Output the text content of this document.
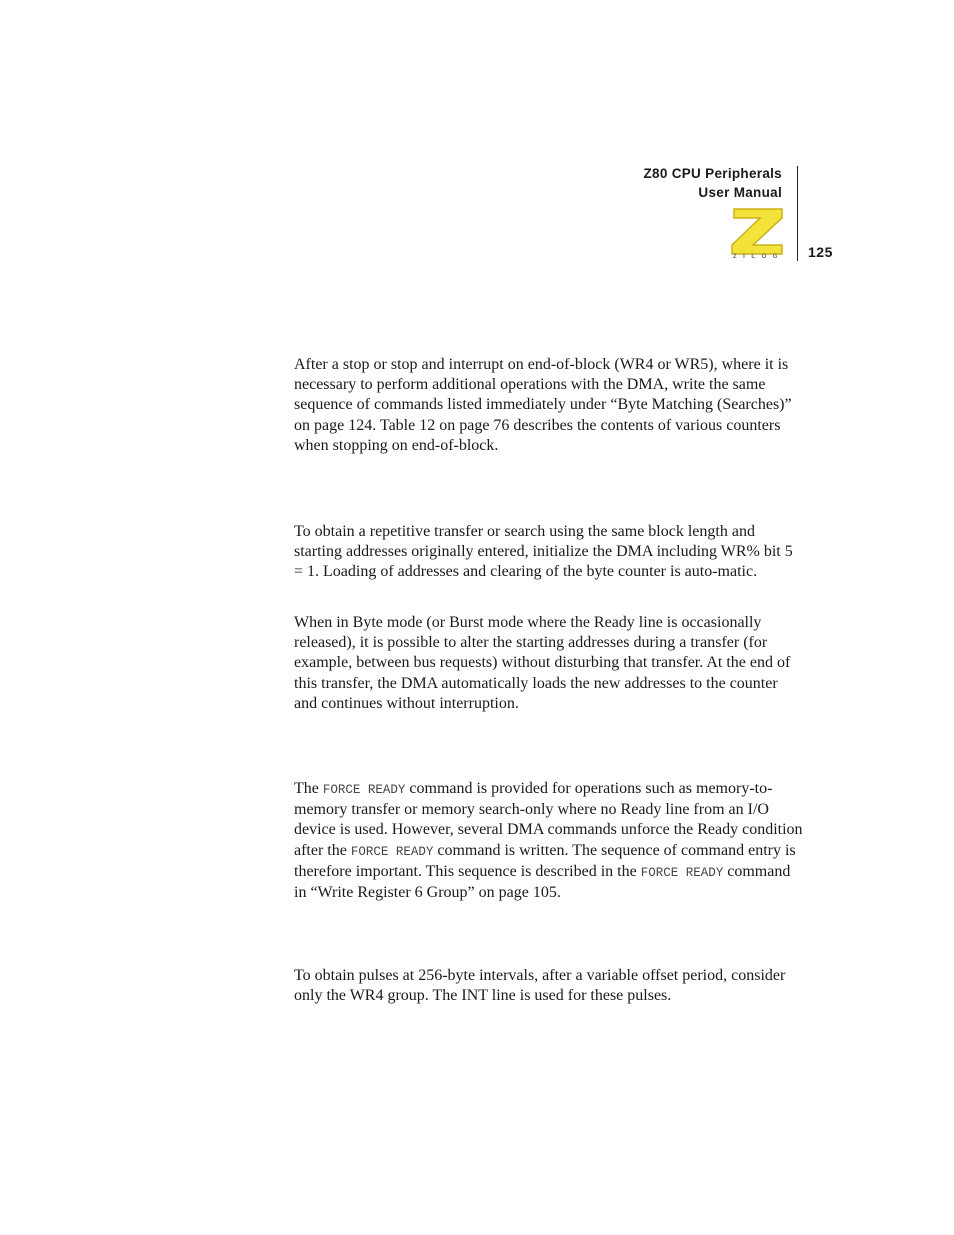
Z80 CPU Peripherals
User Manual
ZILOG 125

After a stop or stop and interrupt on end-of-block (WR4 or WR5), where it is necessary to perform additional operations with the DMA, write the same sequence of commands listed immediately under “Byte Matching (Searches)” on page 124. Table 12 on page 76 describes the contents of various counters when stopping on end-of-block.

To obtain a repetitive transfer or search using the same block length and starting addresses originally entered, initialize the DMA including WR% bit 5 = 1. Loading of addresses and clearing of the byte counter is auto-matic.

When in Byte mode (or Burst mode where the Ready line is occasionally released), it is possible to alter the starting addresses during a transfer (for example, between bus requests) without disturbing that transfer. At the end of this transfer, the DMA automatically loads the new addresses to the counter and continues without interruption.

The FORCE READY command is provided for operations such as memory-to-memory transfer or memory search-only where no Ready line from an I/O device is used. However, several DMA commands unforce the Ready condition after the FORCE READY command is written. The sequence of command entry is therefore important. This sequence is described in the FORCE READY command in “Write Register 6 Group” on page 105.

To obtain pulses at 256-byte intervals, after a variable offset period, consider only the WR4 group. The INT line is used for these pulses.
